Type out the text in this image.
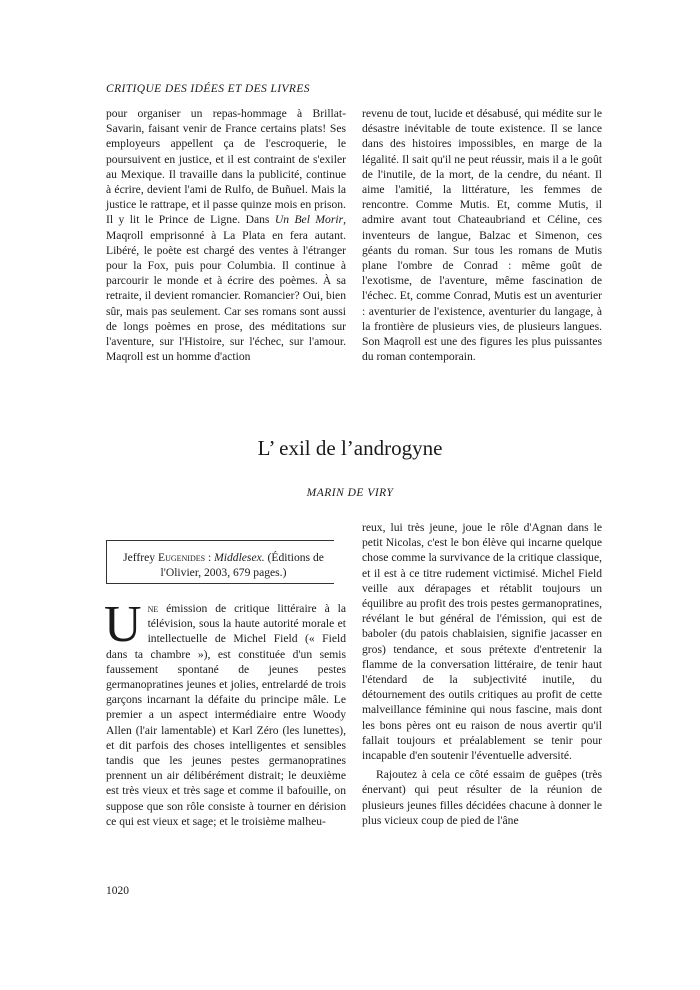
CRITIQUE DES IDÉES ET DES LIVRES

pour organiser un repas-hommage à Brillat-Savarin, faisant venir de France certains plats! Ses employeurs appellent ça de l'escroquerie, le poursuivent en justice, et il est contraint de s'exiler au Mexique. Il travaille dans la publicité, continue à écrire, devient l'ami de Rulfo, de Buñuel. Mais la justice le rattrape, et il passe quinze mois en prison. Il y lit le Prince de Ligne. Dans Un Bel Morir, Maqroll emprisonné à La Plata en fera autant. Libéré, le poète est chargé des ventes à l'étranger pour la Fox, puis pour Columbia. Il continue à parcourir le monde et à écrire des poèmes. À sa retraite, il devient romancier. Romancier? Oui, bien sûr, mais pas seulement. Car ses romans sont aussi de longs poèmes en prose, des méditations sur l'aventure, sur l'Histoire, sur l'échec, sur l'amour. Maqroll est un homme d'action

revenu de tout, lucide et désabusé, qui médite sur le désastre inévitable de toute existence. Il se lance dans des histoires impossibles, en marge de la légalité. Il sait qu'il ne peut réussir, mais il a le goût de l'inutile, de la mort, de la cendre, du néant. Il aime l'amitié, la littérature, les femmes de rencontre. Comme Mutis. Et, comme Mutis, il admire avant tout Chateaubriand et Céline, ces inventeurs de langue, Balzac et Simenon, ces géants du roman. Sur tous les romans de Mutis plane l'ombre de Conrad : même goût de l'exotisme, de l'aventure, même fascination de l'échec. Et, comme Conrad, Mutis est un aventurier : aventurier de l'existence, aventurier du langage, à la frontière de plusieurs vies, de plusieurs langues. Son Maqroll est une des figures les plus puissantes du roman contemporain.

L’ exil de l’androgyne
MARIN DE VIRY
Jeffrey Eugenides : Middlesex. (Éditions de l'Olivier, 2003, 679 pages.)

Une émission de critique littéraire à la télévision, sous la haute autorité morale et intellectuelle de Michel Field (« Field dans ta chambre »), est constituée d'un semis faussement spontané de jeunes pestes germanopratines jeunes et jolies, entrelardé de trois garçons incarnant la défaite du principe mâle. Le premier a un aspect intermédiaire entre Woody Allen (l'air lamentable) et Karl Zéro (les lunettes), et dit parfois des choses intelligentes et sensibles tandis que les jeunes pestes germanopratines prennent un air délibérément distrait; le deuxième est très vieux et très sage et comme il bafouille, on suppose que son rôle consiste à tourner en dérision ce qui est vieux et sage; et le troisième malheu-

reux, lui très jeune, joue le rôle d'Agnan dans le petit Nicolas, c'est le bon élève qui incarne quelque chose comme la survivance de la critique classique, et il est à ce titre rudement victimisé. Michel Field veille aux dérapages et rétablit toujours un équilibre au profit des trois pestes germanopratines, révélant le but général de l'émission, qui est de baboler (du patois chablaisien, signifie jacasser en gros) tendance, et sous prétexte d'entretenir la flamme de la conversation littéraire, de tenir haut l'étendard de la subjectivité inutile, du détournement des outils critiques au profit de cette malveillance féminine qui nous fascine, mais dont les bons pères ont eu raison de nous avertir qu'il fallait toujours et préalablement se tenir pour incapable d'en soutenir l'éventuelle adversité.

Rajoutez à cela ce côté essaim de guêpes (très énervant) qui peut résulter de la réunion de plusieurs jeunes filles décidées chacune à donner le plus vicieux coup de pied de l'âne

1020
